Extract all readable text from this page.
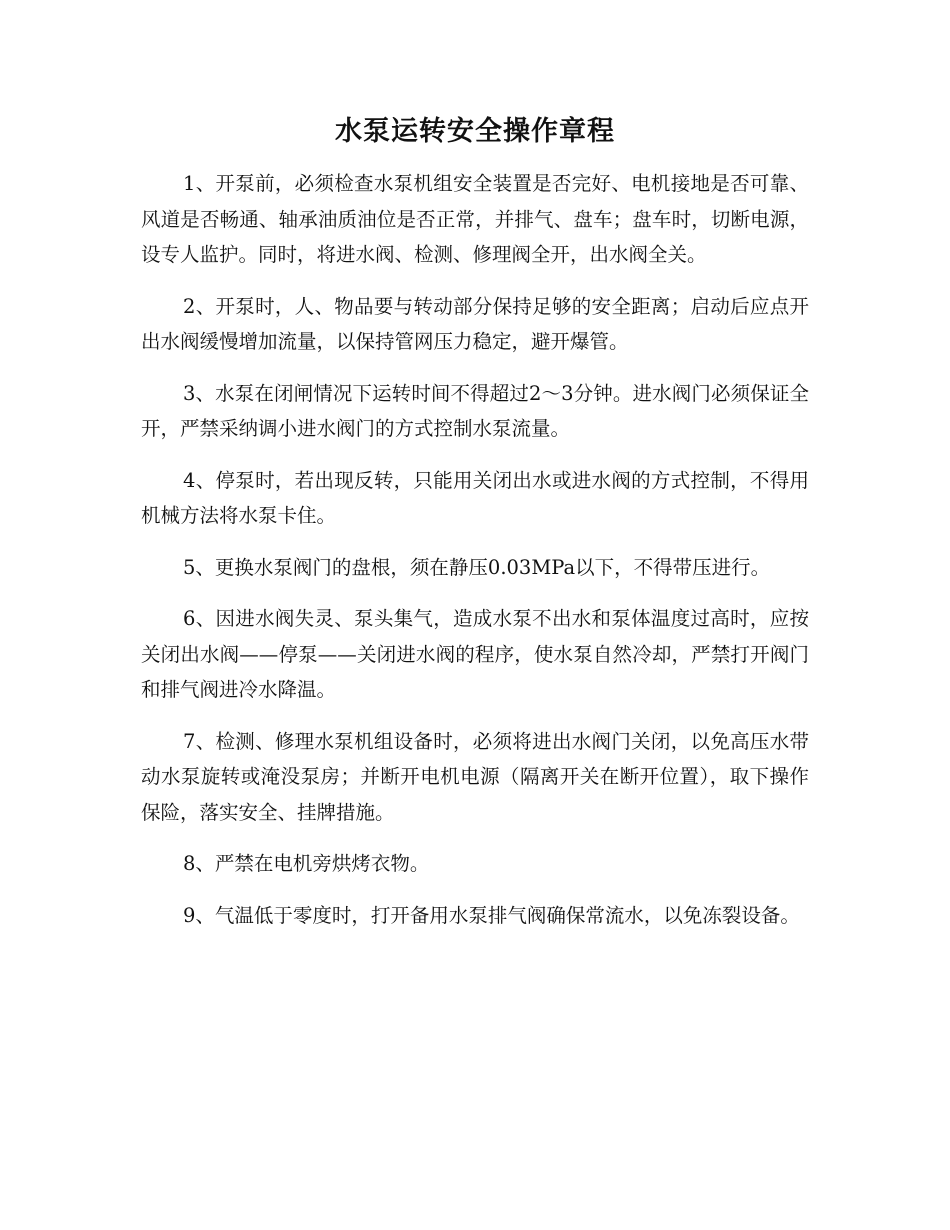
水泵运转安全操作章程

1、开泵前，必须检查水泵机组安全装置是否完好、电机接地是否可靠、风道是否畅通、轴承油质油位是否正常，并排气、盘车；盘车时，切断电源，设专人监护。同时，将进水阀、检测、修理阀全开，出水阀全关。

2、开泵时，人、物品要与转动部分保持足够的安全距离；启动后应点开出水阀缓慢增加流量，以保持管网压力稳定，避开爆管。

3、水泵在闭闸情况下运转时间不得超过2～3分钟。进水阀门必须保证全开，严禁采纳调小进水阀门的方式控制水泵流量。

4、停泵时，若出现反转，只能用关闭出水或进水阀的方式控制，不得用机械方法将水泵卡住。

5、更换水泵阀门的盘根，须在静压0.03MPa以下，不得带压进行。

6、因进水阀失灵、泵头集气，造成水泵不出水和泵体温度过高时，应按关闭出水阀——停泵——关闭进水阀的程序，使水泵自然冷却，严禁打开阀门和排气阀进冷水降温。

7、检测、修理水泵机组设备时，必须将进出水阀门关闭，以免高压水带动水泵旋转或淹没泵房；并断开电机电源（隔离开关在断开位置），取下操作保险，落实安全、挂牌措施。

8、严禁在电机旁烘烤衣物。

9、气温低于零度时，打开备用水泵排气阀确保常流水，以免冻裂设备。
